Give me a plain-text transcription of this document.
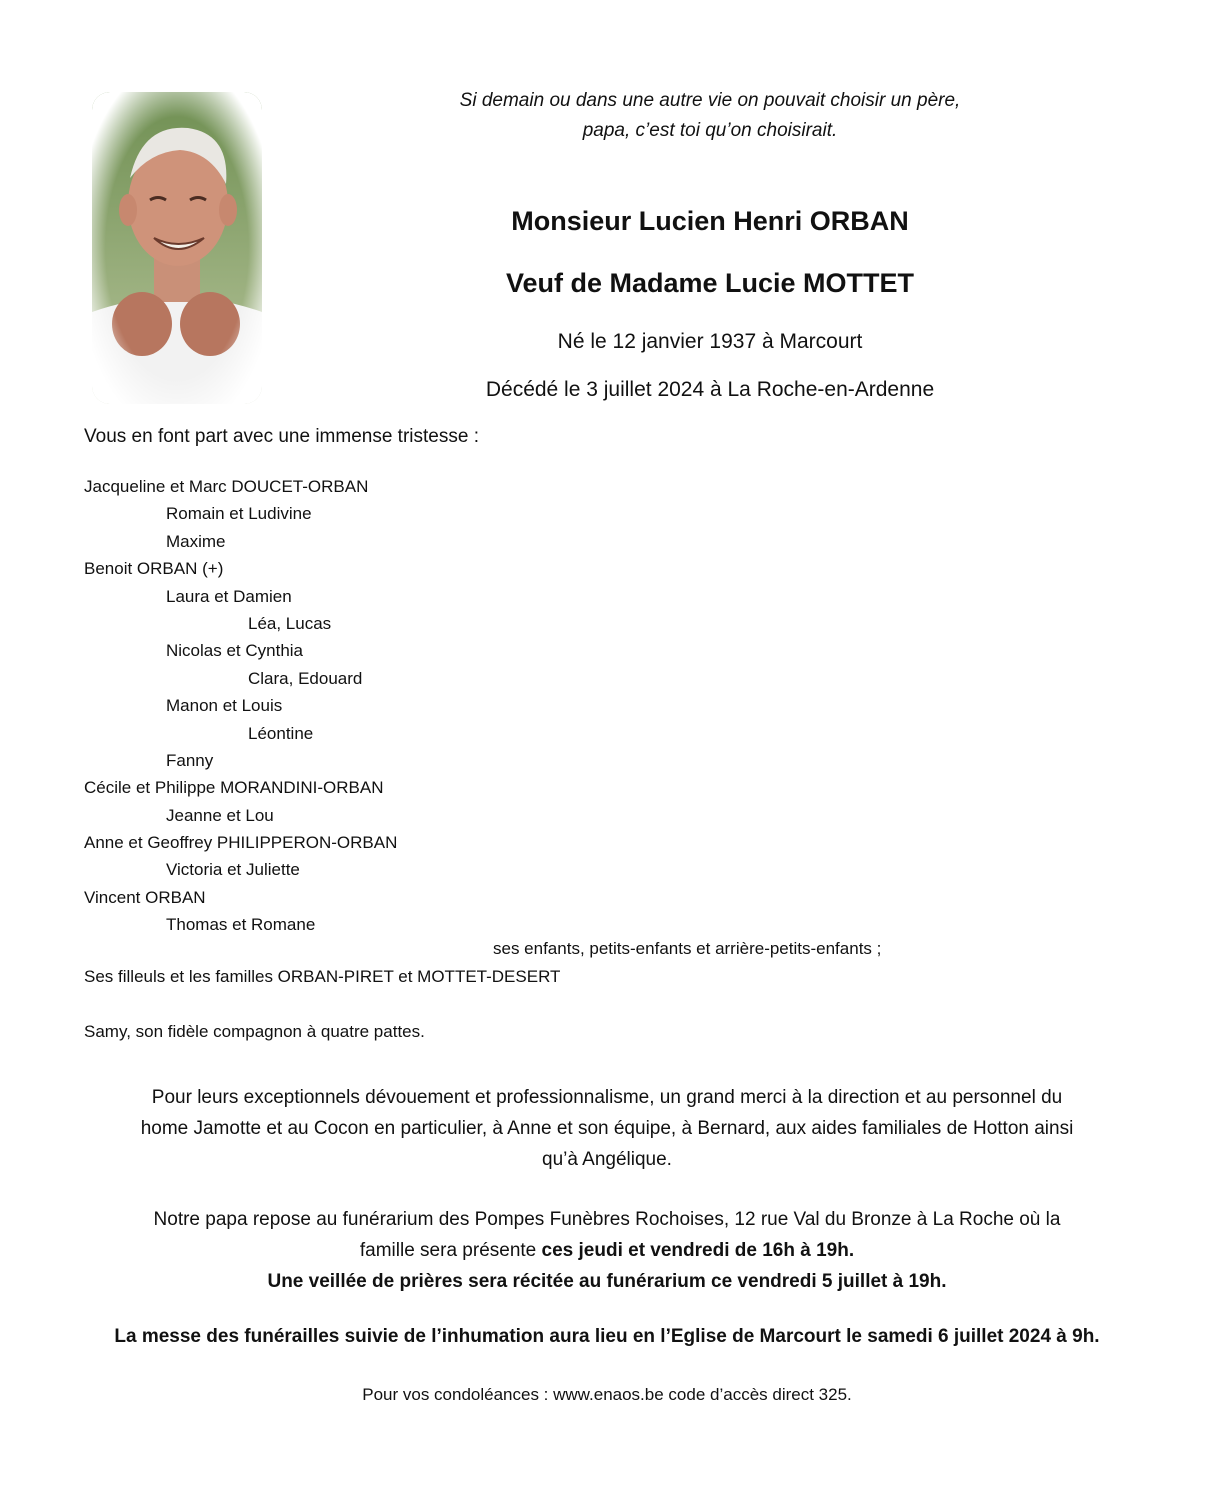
Si demain ou dans une autre vie on pouvait choisir un père,
papa, c’est toi qu’on choisirait.
Monsieur Lucien Henri ORBAN
Veuf de Madame Lucie MOTTET
Né le 12 janvier 1937 à Marcourt
Décédé le 3 juillet 2024 à La Roche-en-Ardenne
Vous en font part avec une immense tristesse :
Jacqueline et Marc DOUCET-ORBAN
Romain et Ludivine
Maxime
Benoit ORBAN (+)
Laura et Damien
Léa, Lucas
Nicolas et Cynthia
Clara, Edouard
Manon et Louis
Léontine
Fanny
Cécile et Philippe MORANDINI-ORBAN
Jeanne et Lou
Anne et Geoffrey PHILIPPERON-ORBAN
Victoria et Juliette
Vincent ORBAN
Thomas et Romane
ses enfants, petits-enfants et arrière-petits-enfants ;
Ses filleuls et les familles ORBAN-PIRET et MOTTET-DESERT
Samy, son fidèle compagnon à quatre pattes.
Pour leurs exceptionnels dévouement et professionnalisme, un grand merci à la direction et au personnel du
home Jamotte et au Cocon en particulier, à Anne et son équipe, à Bernard, aux aides familiales de Hotton ainsi
qu’à Angélique.
Notre papa repose au funérarium des Pompes Funèbres Rochoises, 12 rue Val du Bronze à La Roche où la
famille sera présente ces jeudi et vendredi de 16h à 19h.
Une veillée de prières sera récitée au funérarium ce vendredi 5 juillet à 19h.
La messe des funérailles suivie de l’inhumation aura lieu en l’Eglise de Marcourt le samedi 6 juillet 2024 à 9h.
Pour vos condoléances : www.enaos.be code d’accès direct 325.
